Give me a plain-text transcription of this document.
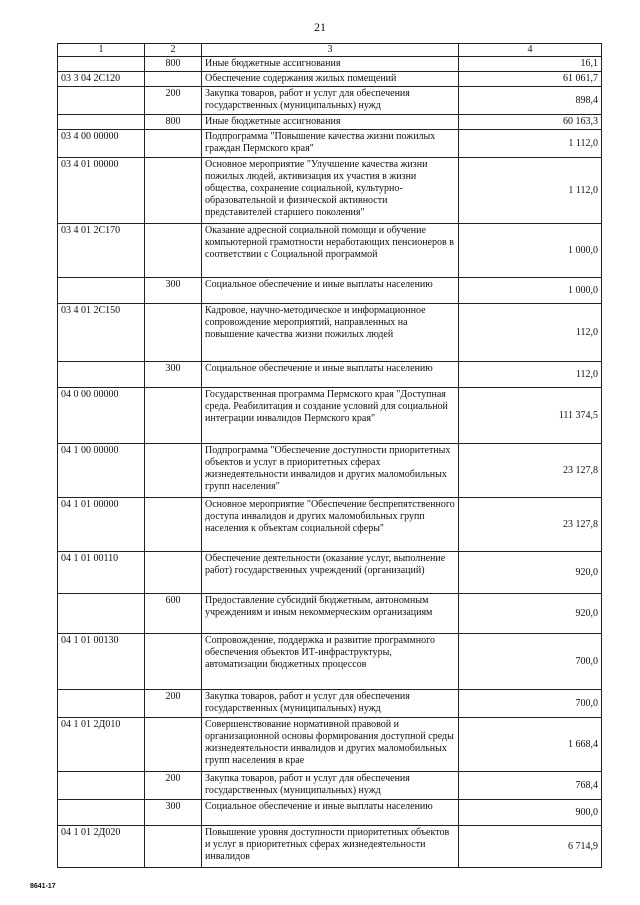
21
1	2	3	4
	800	Иные бюджетные ассигнования	16,1
03 3 04 2С120		Обеспечение содержания жилых помещений	61 061,7
	200	Закупка товаров, работ и услуг для обеспечения государственных (муниципальных) нужд	898,4
	800	Иные бюджетные ассигнования	60 163,3
03 4 00 00000		Подпрограмма "Повышение качества жизни пожилых граждан Пермского края"	1 112,0
03 4 01 00000		Основное мероприятие "Улучшение качества жизни пожилых людей, активизация их участия в жизни общества, сохранение социальной, культурно-образовательной и физической активности представителей старшего поколения"	1 112,0
03 4 01 2С170		Оказание адресной социальной помощи и обучение компьютерной грамотности неработающих пенсионеров в соответствии с Социальной программой	1 000,0
	300	Социальное обеспечение и иные выплаты населению	1 000,0
03 4 01 2С150		Кадровое, научно-методическое и информационное сопровождение мероприятий, направленных на повышение качества жизни пожилых людей	112,0
	300	Социальное обеспечение и иные выплаты населению	112,0
04 0 00 00000		Государственная программа Пермского края "Доступная среда. Реабилитация и создание условий для социальной интеграции инвалидов Пермского края"	111 374,5
04 1 00 00000		Подпрограмма "Обеспечение доступности приоритетных объектов и услуг в приоритетных сферах жизнедеятельности инвалидов и других маломобильных групп населения"	23 127,8
04 1 01 00000		Основное мероприятие "Обеспечение беспрепятственного доступа инвалидов и других маломобильных групп населения к объектам социальной сферы"	23 127,8
04 1 01 00110		Обеспечение деятельности (оказание услуг, выполнение работ) государственных учреждений (организаций)	920,0
	600	Предоставление субсидий бюджетным, автономным учреждениям и иным некоммерческим организациям	920,0
04 1 01 00130		Сопровождение, поддержка и развитие программного обеспечения объектов ИТ-инфраструктуры, автоматизации бюджетных процессов	700,0
	200	Закупка товаров, работ и услуг для обеспечения государственных (муниципальных) нужд	700,0
04 1 01 2Д010		Совершенствование нормативной правовой и организационной основы формирования доступной среды жизнедеятельности инвалидов и других маломобильных групп населения в крае	1 668,4
	200	Закупка товаров, работ и услуг для обеспечения государственных (муниципальных) нужд	768,4
	300	Социальное обеспечение и иные выплаты населению	900,0
04 1 01 2Д020		Повышение уровня доступности приоритетных объектов и услуг в приоритетных сферах жизнедеятельности инвалидов	6 714,9
8641-17
